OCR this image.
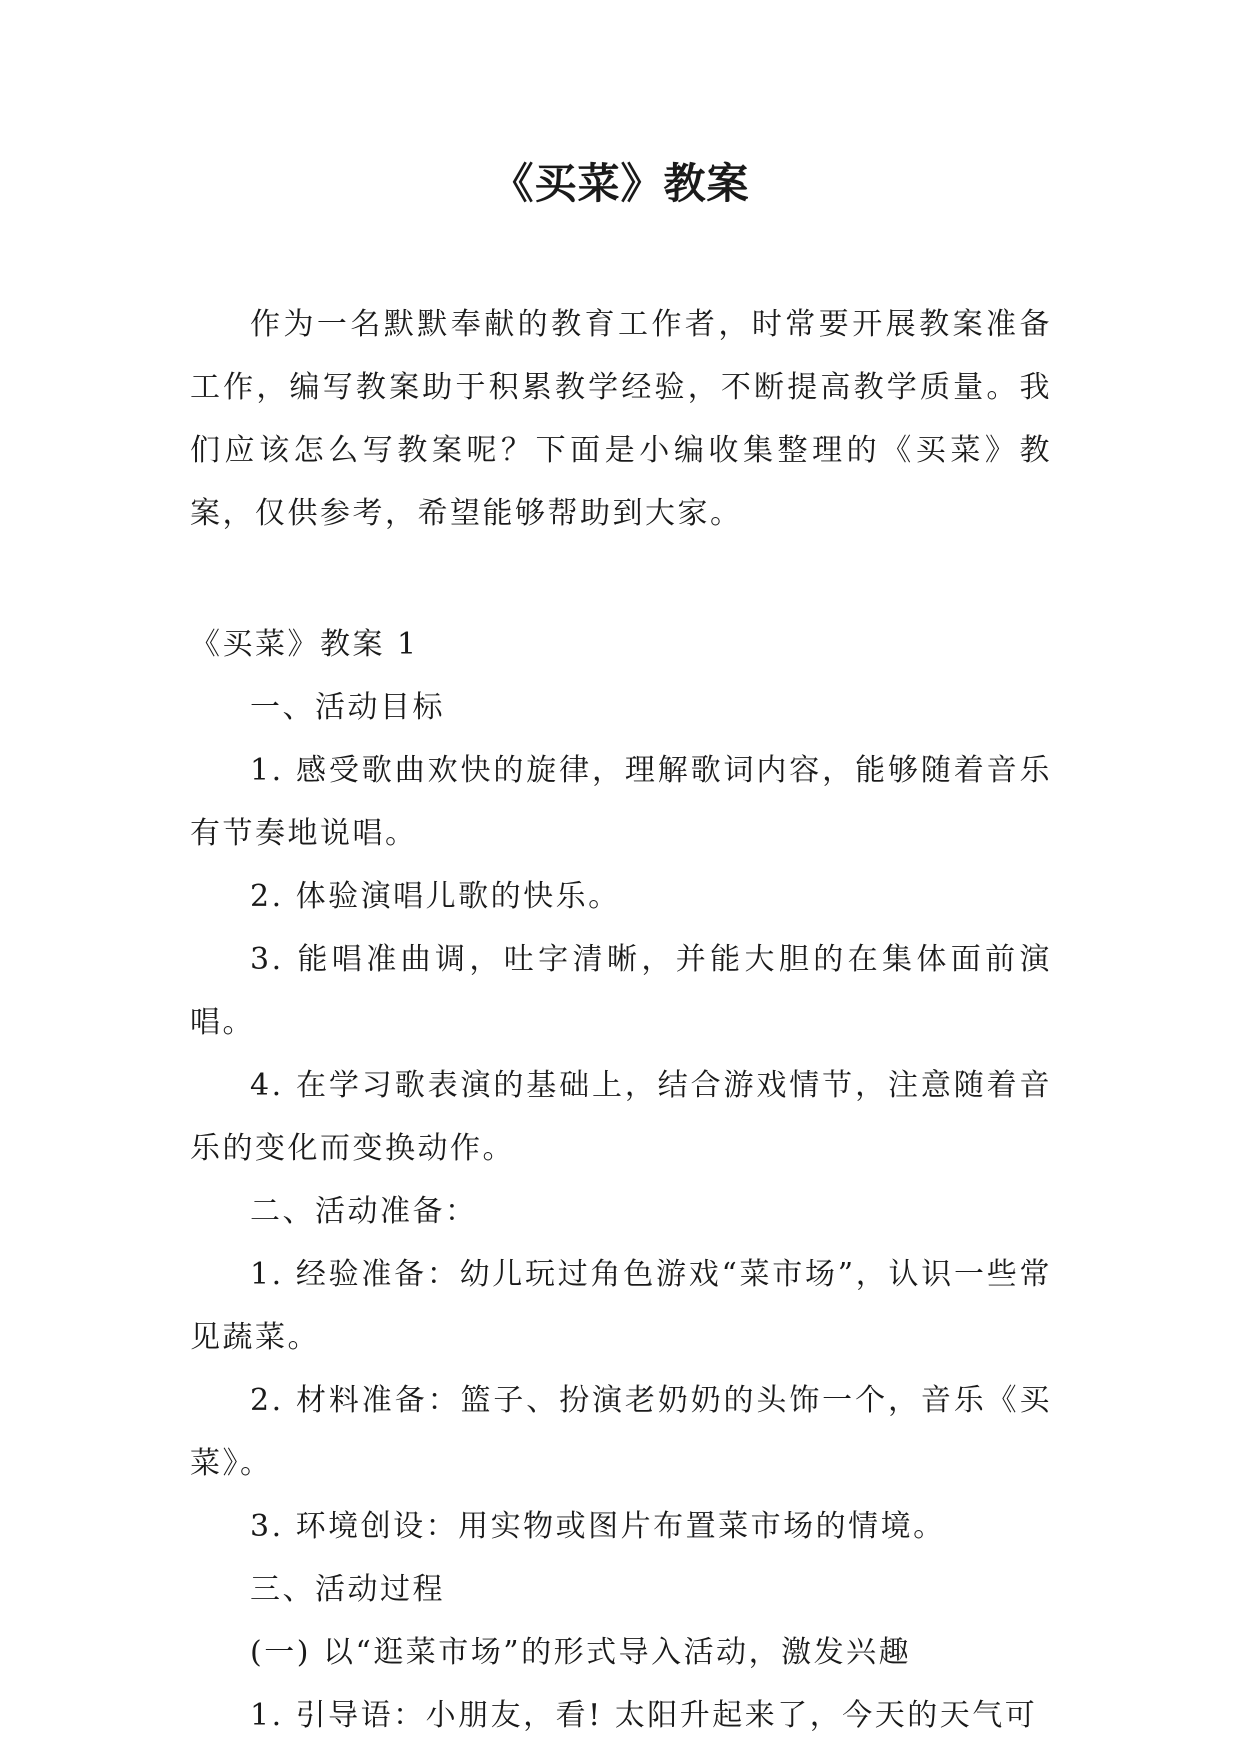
《买菜》教案

作为一名默默奉献的教育工作者，时常要开展教案准备工作，编写教案助于积累教学经验，不断提高教学质量。我们应该怎么写教案呢？下面是小编收集整理的《买菜》教案，仅供参考，希望能够帮助到大家。

《买菜》教案 1

一、活动目标

1. 感受歌曲欢快的旋律，理解歌词内容，能够随着音乐有节奏地说唱。

2. 体验演唱儿歌的快乐。

3. 能唱准曲调，吐字清晰，并能大胆的在集体面前演唱。

4. 在学习歌表演的基础上，结合游戏情节，注意随着音乐的变化而变换动作。

二、活动准备：

1. 经验准备：幼儿玩过角色游戏“菜市场”，认识一些常见蔬菜。

2. 材料准备：篮子、扮演老奶奶的头饰一个，音乐《买菜》。

3. 环境创设：用实物或图片布置菜市场的情境。

三、活动过程

(一) 以“逛菜市场”的形式导入活动，激发兴趣

1. 引导语：小朋友，看! 太阳升起来了，今天的天气可
